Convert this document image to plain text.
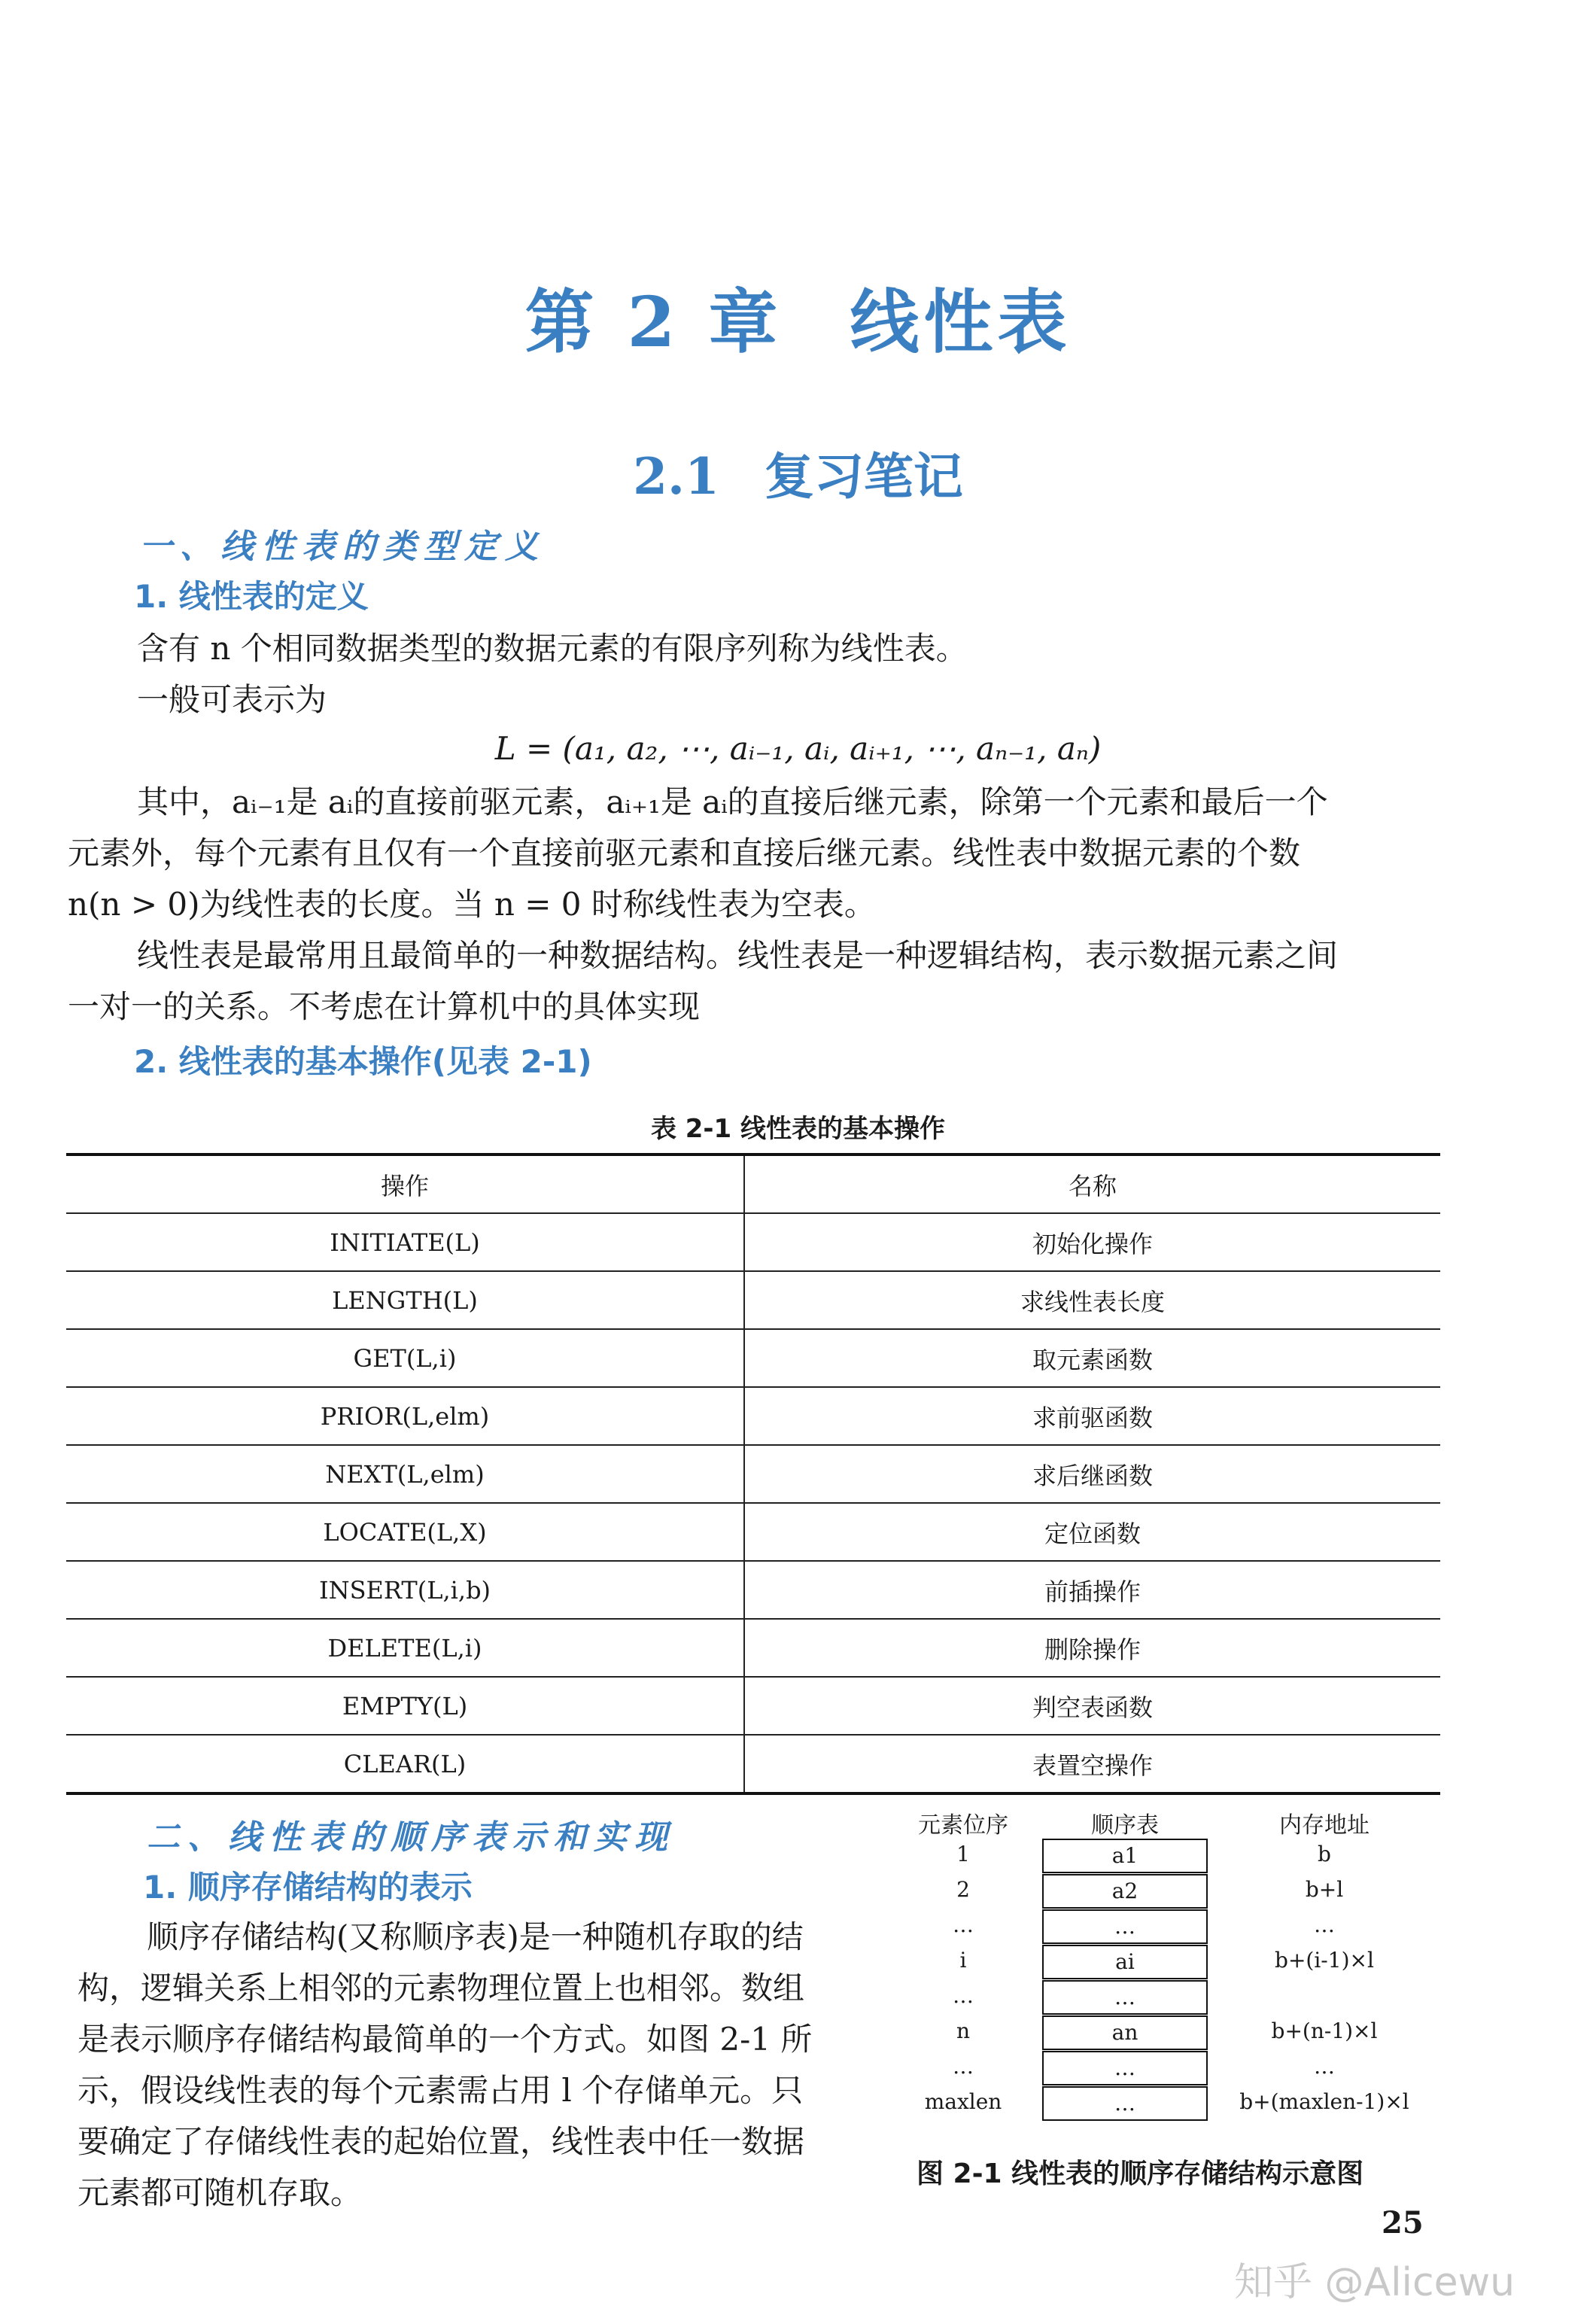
第 2 章 线性表
2.1 复习笔记
一、线性表的类型定义
1. 线性表的定义
含有 n 个相同数据类型的数据元素的有限序列称为线性表。
一般可表示为
L = (a₁, a₂, ⋯, aᵢ₋₁, aᵢ, aᵢ₊₁, ⋯, aₙ₋₁, aₙ)
其中，aᵢ₋₁是 aᵢ的直接前驱元素，aᵢ₊₁是 aᵢ的直接后继元素，除第一个元素和最后一个
元素外，每个元素有且仅有一个直接前驱元素和直接后继元素。线性表中数据元素的个数
n(n > 0)为线性表的长度。当 n = 0 时称线性表为空表。
线性表是最常用且最简单的一种数据结构。线性表是一种逻辑结构，表示数据元素之间
一对一的关系。不考虑在计算机中的具体实现
2. 线性表的基本操作(见表 2-1)
表 2-1 线性表的基本操作
操作	名称
INITIATE(L)	初始化操作
LENGTH(L)	求线性表长度
GET(L,i)	取元素函数
PRIOR(L,elm)	求前驱函数
NEXT(L,elm)	求后继函数
LOCATE(L,X)	定位函数
INSERT(L,i,b)	前插操作
DELETE(L,i)	删除操作
EMPTY(L)	判空表函数
CLEAR(L)	表置空操作
二、线性表的顺序表示和实现
1. 顺序存储结构的表示
顺序存储结构(又称顺序表)是一种随机存取的结
构，逻辑关系上相邻的元素物理位置上也相邻。数组
是表示顺序存储结构最简单的一个方式。如图 2-1 所
示，假设线性表的每个元素需占用 l 个存储单元。只
要确定了存储线性表的起始位置，线性表中任一数据
元素都可随机存取。
元素位序	顺序表	内存地址
1	a1	b
2	a2	b+l
…	…	…
i	ai	b+(i-1)×l
…	…
n	an	b+(n-1)×l
…	…	…
maxlen	…	b+(maxlen-1)×l
图 2-1 线性表的顺序存储结构示意图
25
知乎 @Alicewu
